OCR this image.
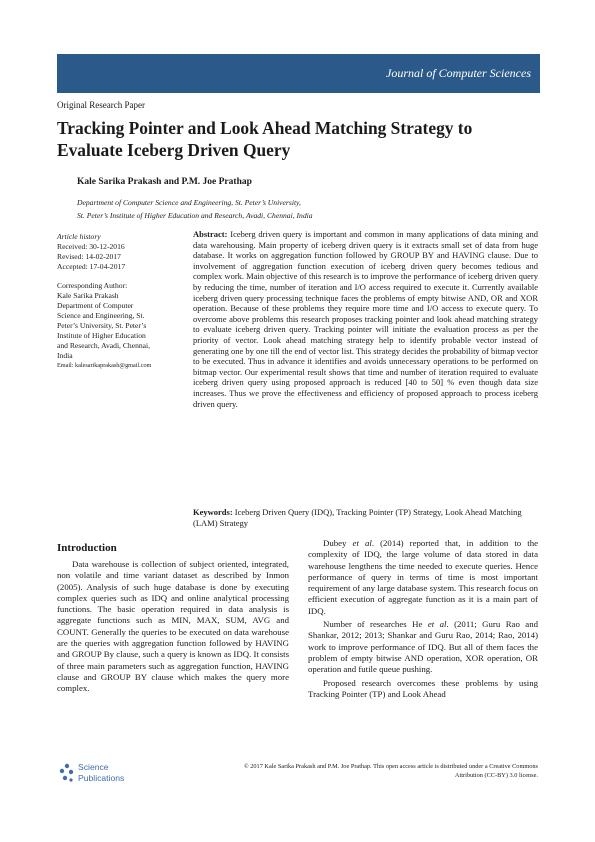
Journal of Computer Sciences
Original Research Paper
Tracking Pointer and Look Ahead Matching Strategy to Evaluate Iceberg Driven Query
Kale Sarika Prakash and P.M. Joe Prathap
Department of Computer Science and Engineering, St. Peter’s University,
St. Peter’s Institute of Higher Education and Research, Avadi, Chennai, India
Article history
Received: 30-12-2016
Revised: 14-02-2017
Accepted: 17-04-2017
Corresponding Author:
Kale Sarika Prakash
Department of Computer
Science and Engineering, St.
Peter’s University, St. Peter’s
Institute of Higher Education
and Research, Avadi, Chennai,
India
Email: kalesarikaprakash@gmail.com
Abstract: Iceberg driven query is important and common in many applications of data mining and data warehousing. Main property of iceberg driven query is it extracts small set of data from huge database. It works on aggregation function followed by GROUP BY and HAVING clause. Due to involvement of aggregation function execution of iceberg driven query becomes tedious and complex work. Main objective of this research is to improve the performance of iceberg driven query by reducing the time, number of iteration and I/O access required to execute it. Currently available iceberg driven query processing technique faces the problems of empty bitwise AND, OR and XOR operation. Because of these problems they require more time and I/O access to execute query. To overcome above problems this research proposes tracking pointer and look ahead matching strategy to evaluate iceberg driven query. Tracking pointer will initiate the evaluation process as per the priority of vector. Look ahead matching strategy help to identify probable vector instead of generating one by one till the end of vector list. This strategy decides the probability of bitmap vector to be executed. Thus in advance it identifies and avoids unnecessary operations to be performed on bitmap vector. Our experimental result shows that time and number of iteration required to evaluate iceberg driven query using proposed approach is reduced [40 to 50] % even though data size increases. Thus we prove the effectiveness and efficiency of proposed approach to process iceberg driven query.
Keywords: Iceberg Driven Query (IDQ), Tracking Pointer (TP) Strategy, Look Ahead Matching (LAM) Strategy
Introduction

Data warehouse is collection of subject oriented, integrated, non volatile and time variant dataset as described by Inmon (2005). Analysis of such huge database is done by executing complex queries such as IDQ and online analytical processing functions. The basic operation required in data analysis is aggregate functions such as MIN, MAX, SUM, AVG and COUNT. Generally the queries to be executed on data warehouse are the queries with aggregation function followed by HAVING and GROUP By clause, such a query is known as IDQ. It consists of three main parameters such as aggregation function, HAVING clause and GROUP BY clause which makes the query more complex.

Dubey et al. (2014) reported that, in addition to the complexity of IDQ, the large volume of data stored in data warehouse lengthens the time needed to execute queries. Hence performance of query in terms of time is most important requirement of any large database system. This research focus on efficient execution of aggregate function as it is a main part of IDQ.

Number of researches He et al. (2011; Guru Rao and Shankar, 2012; 2013; Shankar and Guru Rao, 2014; Rao, 2014) work to improve performance of IDQ. But all of them faces the problem of empty bitwise AND operation, XOR operation, OR operation and futile queue pushing.

Proposed research overcomes these problems by using Tracking Pointer (TP) and Look Ahead

Science
Publications
© 2017 Kale Sarika Prakash and P.M. Joe Prathap. This open access article is distributed under a Creative Commons
Attribution (CC-BY) 3.0 license.
